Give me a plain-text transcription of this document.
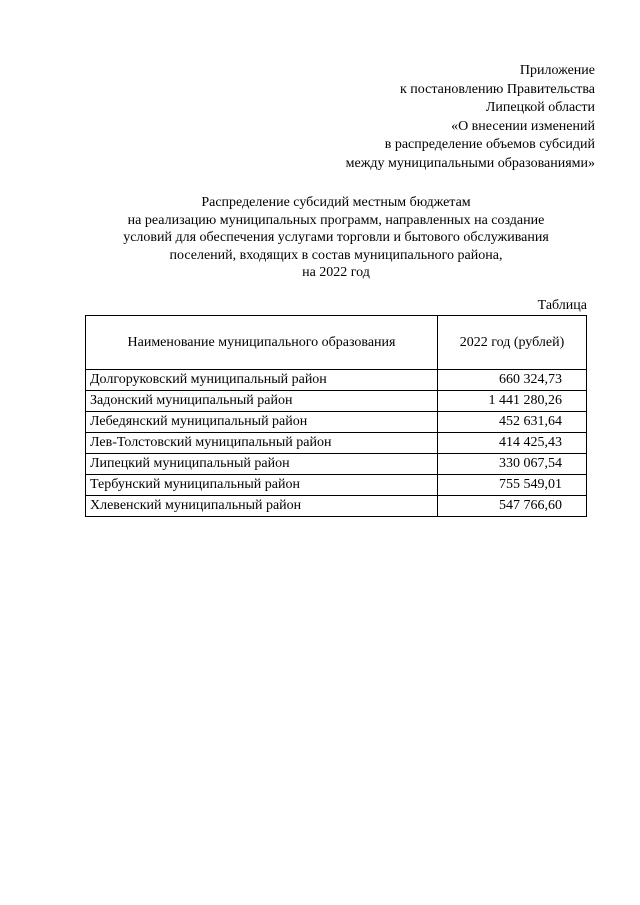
Приложение
к постановлению Правительства
Липецкой области
«О внесении изменений
в распределение объемов субсидий
между муниципальными образованиями»
Распределение субсидий местным бюджетам
на реализацию муниципальных программ, направленных на создание
условий для обеспечения услугами торговли и бытового обслуживания
поселений, входящих в состав муниципального района,
на 2022 год
Таблица
Наименование муниципального образования	2022 год (рублей)
Долгоруковский муниципальный район	660 324,73
Задонский муниципальный район	1 441 280,26
Лебедянский муниципальный район	452 631,64
Лев-Толстовский муниципальный район	414 425,43
Липецкий муниципальный район	330 067,54
Тербунский муниципальный район	755 549,01
Хлевенский муниципальный район	547 766,60
